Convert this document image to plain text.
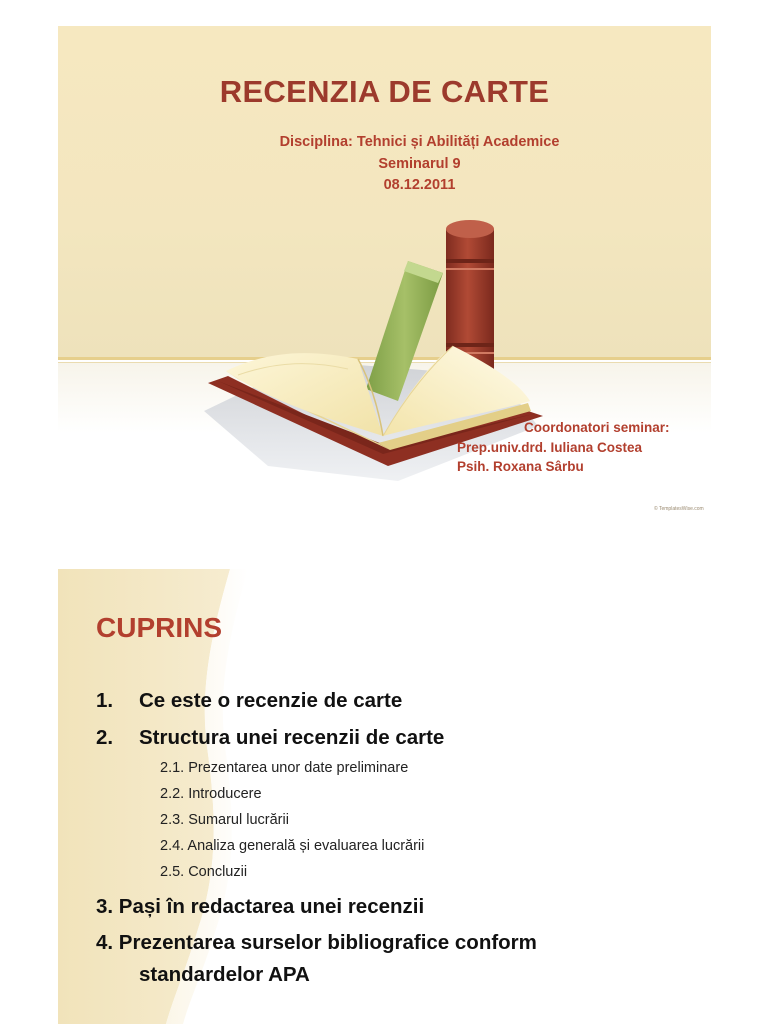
RECENZIA DE CARTE
Disciplina: Tehnici și Abilități Academice
Seminarul 9
08.12.2011
Coordonatori seminar:
Prep.univ.drd. Iuliana Costea
Psih. Roxana Sârbu
© TemplatesWise.com
CUPRINS
1. Ce este o recenzie de carte
2. Structura unei recenzii de carte
2.1. Prezentarea unor date preliminare
2.2. Introducere
2.3. Sumarul lucrării
2.4. Analiza generală și evaluarea lucrării
2.5. Concluzii
3. Pași în redactarea unei recenzii
4. Prezentarea surselor bibliografice conform
standardelor APA
